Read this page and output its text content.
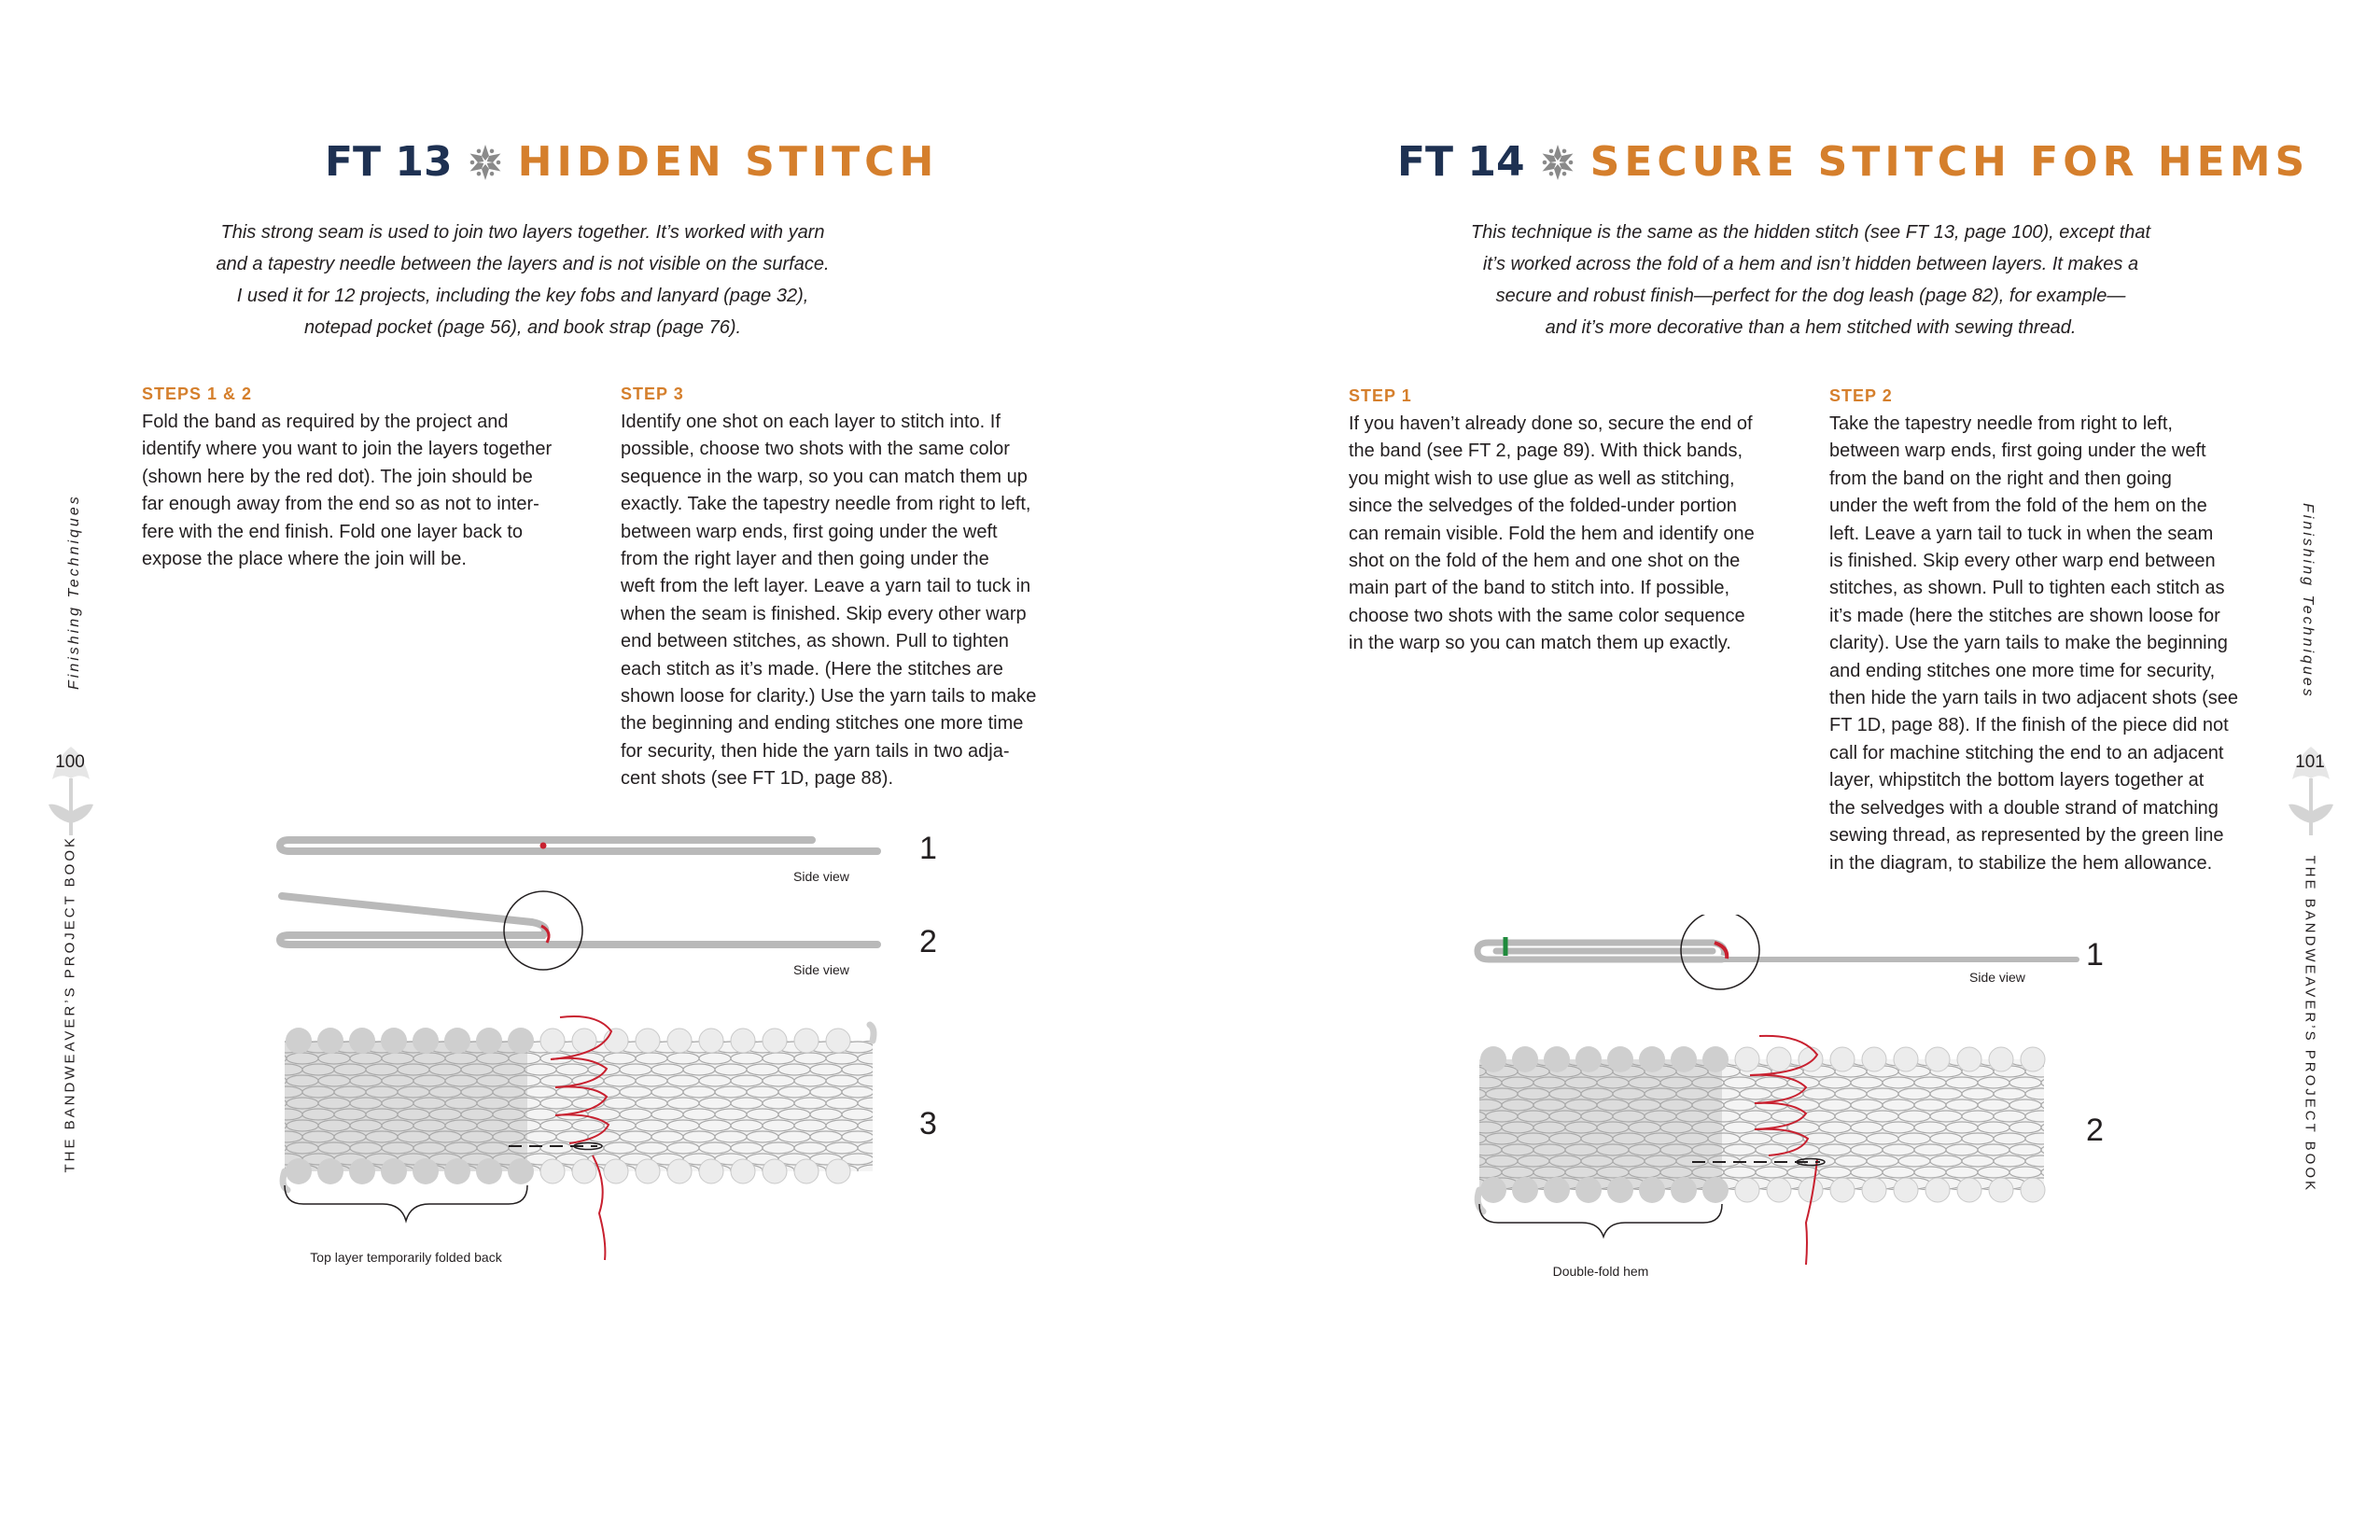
FT 13 HIDDEN STITCH
This strong seam is used to join two layers together. It’s worked with yarn
and a tapestry needle between the layers and is not visible on the surface.
I used it for 12 projects, including the key fobs and lanyard (page 32),
notepad pocket (page 56), and book strap (page 76).
STEPS 1 & 2
Fold the band as required by the project and
identify where you want to join the layers together
(shown here by the red dot). The join should be
far enough away from the end so as not to inter-
fere with the end finish. Fold one layer back to
expose the place where the join will be.
STEP 3
Identify one shot on each layer to stitch into. If
possible, choose two shots with the same color
sequence in the warp, so you can match them up
exactly. Take the tapestry needle from right to left,
between warp ends, first going under the weft
from the right layer and then going under the
weft from the left layer. Leave a yarn tail to tuck in
when the seam is finished. Skip every other warp
end between stitches, as shown. Pull to tighten
each stitch as it’s made. (Here the stitches are
shown loose for clarity.) Use the yarn tails to make
the beginning and ending stitches one more time
for security, then hide the yarn tails in two adja-
cent shots (see FT 1D, page 88).
Side view
Side view
1
2
3
Top layer temporarily folded back
Finishing Techniques
100
THE BANDWEAVER’S PROJECT BOOK
FT 14 SECURE STITCH FOR HEMS
This technique is the same as the hidden stitch (see FT 13, page 100), except that
it’s worked across the fold of a hem and isn’t hidden between layers. It makes a
secure and robust finish—perfect for the dog leash (page 82), for example—
and it’s more decorative than a hem stitched with sewing thread.
STEP 1
If you haven’t already done so, secure the end of
the band (see FT 2, page 89). With thick bands,
you might wish to use glue as well as stitching,
since the selvedges of the folded-under portion
can remain visible. Fold the hem and identify one
shot on the fold of the hem and one shot on the
main part of the band to stitch into. If possible,
choose two shots with the same color sequence
in the warp so you can match them up exactly.
STEP 2
Take the tapestry needle from right to left,
between warp ends, first going under the weft
from the band on the right and then going
under the weft from the fold of the hem on the
left. Leave a yarn tail to tuck in when the seam
is finished. Skip every other warp end between
stitches, as shown. Pull to tighten each stitch as
it’s made (here the stitches are shown loose for
clarity). Use the yarn tails to make the beginning
and ending stitches one more time for security,
then hide the yarn tails in two adjacent shots (see
FT 1D, page 88). If the finish of the piece did not
call for machine stitching the end to an adjacent
layer, whipstitch the bottom layers together at
the selvedges with a double strand of matching
sewing thread, as represented by the green line
in the diagram, to stabilize the hem allowance.
Side view
1
2
Double-fold hem
Finishing Techniques
101
THE BANDWEAVER’S PROJECT BOOK
